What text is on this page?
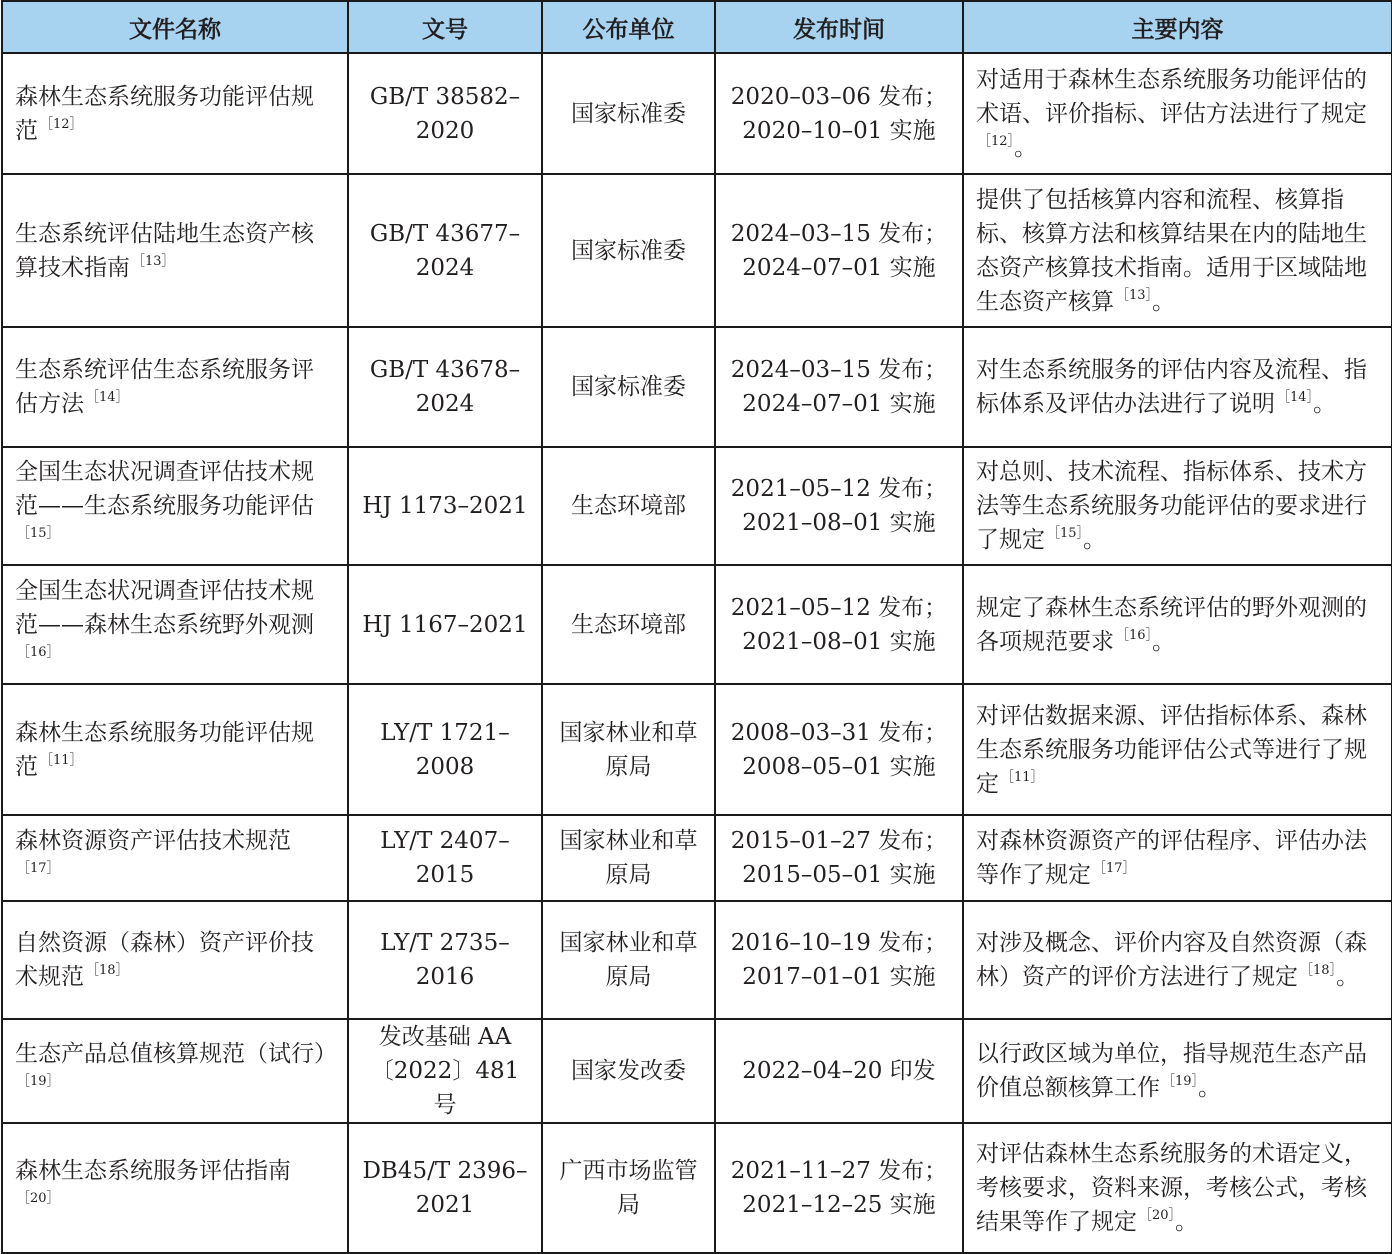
文件名称	文号	公布单位	发布时间	主要内容
森林生态系统服务功能评估规范 $^{[12]}$	GB/T 38582–2020	国家标准委	2020–03–06 发布；2020–10–01 实施	对适用于森林生态系统服务功能评估的术语、评价指标、评估方法进行了规定$^{[12]}$。
生态系统评估陆地生态资产核算技术指南 $^{[13]}$	GB/T 43677–2024	国家标准委	2024–03–15 发布；2024–07–01 实施	提供了包括核算内容和流程、核算指标、核算方法和核算结果在内的陆地生态资产核算技术指南。适用于区域陆地生态资产核算 $^{[13]}$。
生态系统评估生态系统服务评估方法 $^{[14]}$	GB/T 43678–2024	国家标准委	2024–03–15 发布；2024–07–01 实施	对生态系统服务的评估内容及流程、指标体系及评估办法进行了说明 $^{[14]}$。
全国生态状况调查评估技术规范——生态系统服务功能评估$^{[15]}$	HJ 1173–2021	生态环境部	2021–05–12 发布；2021–08–01 实施	对总则、技术流程、指标体系、技术方法等生态系统服务功能评估的要求进行了规定 $^{[15]}$。
全国生态状况调查评估技术规范——森林生态系统野外观测$^{[16]}$	HJ 1167–2021	生态环境部	2021–05–12 发布；2021–08–01 实施	规定了森林生态系统评估的野外观测的各项规范要求 $^{[16]}$。
森林生态系统服务功能评估规范 $^{[11]}$	LY/T 1721–2008	国家林业和草原局	2008–03–31 发布；2008–05–01 实施	对评估数据来源、评估指标体系、森林生态系统服务功能评估公式等进行了规定 $^{[11]}$
森林资源资产评估技术规范$^{[17]}$	LY/T 2407–2015	国家林业和草原局	2015–01–27 发布；2015–05–01 实施	对森林资源资产的评估程序、评估办法等作了规定 $^{[17]}$
自然资源（森林）资产评价技术规范 $^{[18]}$	LY/T 2735–2016	国家林业和草原局	2016–10–19 发布；2017–01–01 实施	对涉及概念、评价内容及自然资源（森林）资产的评价方法进行了规定 $^{[18]}$。
生态产品总值核算规范（试行）$^{[19]}$	发改基础 AA〔2022〕481 号	国家发改委	2022–04–20 印发	以行政区域为单位，指导规范生态产品价值总额核算工作 $^{[19]}$。
森林生态系统服务评估指南$^{[20]}$	DB45/T 2396–2021	广西市场监管局	2021–11–27 发布；2021–12–25 实施	对评估森林生态系统服务的术语定义，考核要求，资料来源，考核公式，考核结果等作了规定 $^{[20]}$。
